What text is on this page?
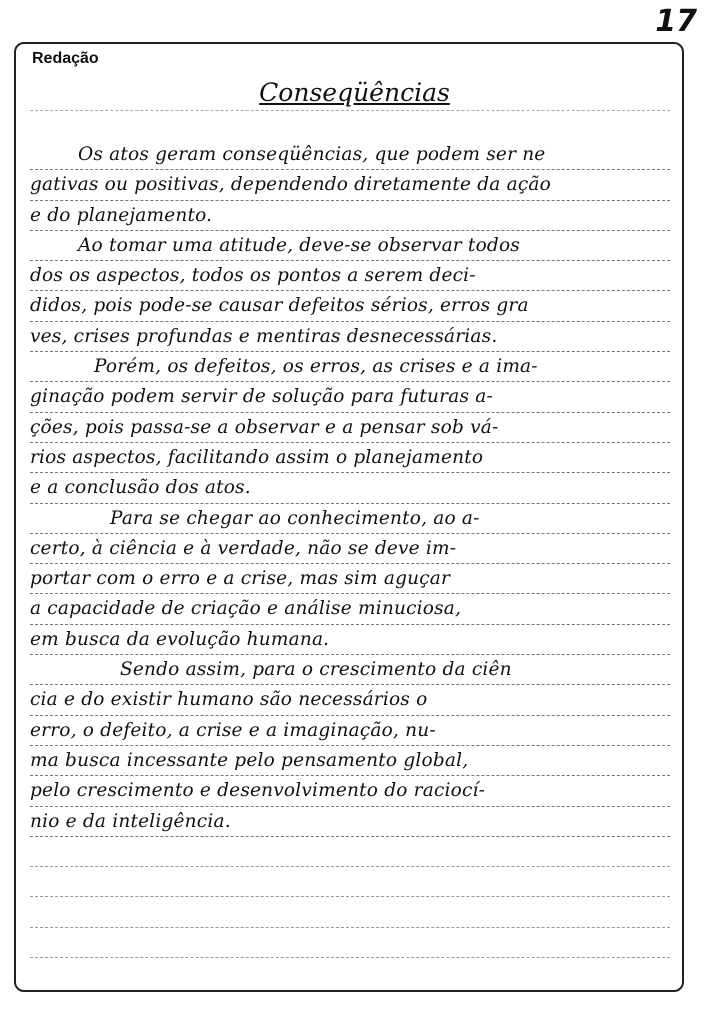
17
Redação
Conseqüências
Os atos geram conseqüências, que podem ser ne
gativas ou positivas, dependendo diretamente da ação
e do planejamento.
Ao tomar uma atitude, deve-se observar todos
dos os aspectos, todos os pontos a serem deci-
didos, pois pode-se causar defeitos sérios, erros gra
ves, crises profundas e mentiras desnecessárias.
Porém, os defeitos, os erros, as crises e a ima-
ginação podem servir de solução para futuras a-
ções, pois passa-se a observar e a pensar sob vá-
rios aspectos, facilitando assim o planejamento
e a conclusão dos atos.
Para se chegar ao conhecimento, ao a-
certo, à ciência e à verdade, não se deve im-
portar com o erro e a crise, mas sim aguçar
a capacidade de criação e análise minuciosa,
em busca da evolução humana.
Sendo assim, para o crescimento da ciên
cia e do existir humano são necessários o
erro, o defeito, a crise e a imaginação, nu-
ma busca incessante pelo pensamento global,
pelo crescimento e desenvolvimento do raciocí-
nio e da inteligência.
